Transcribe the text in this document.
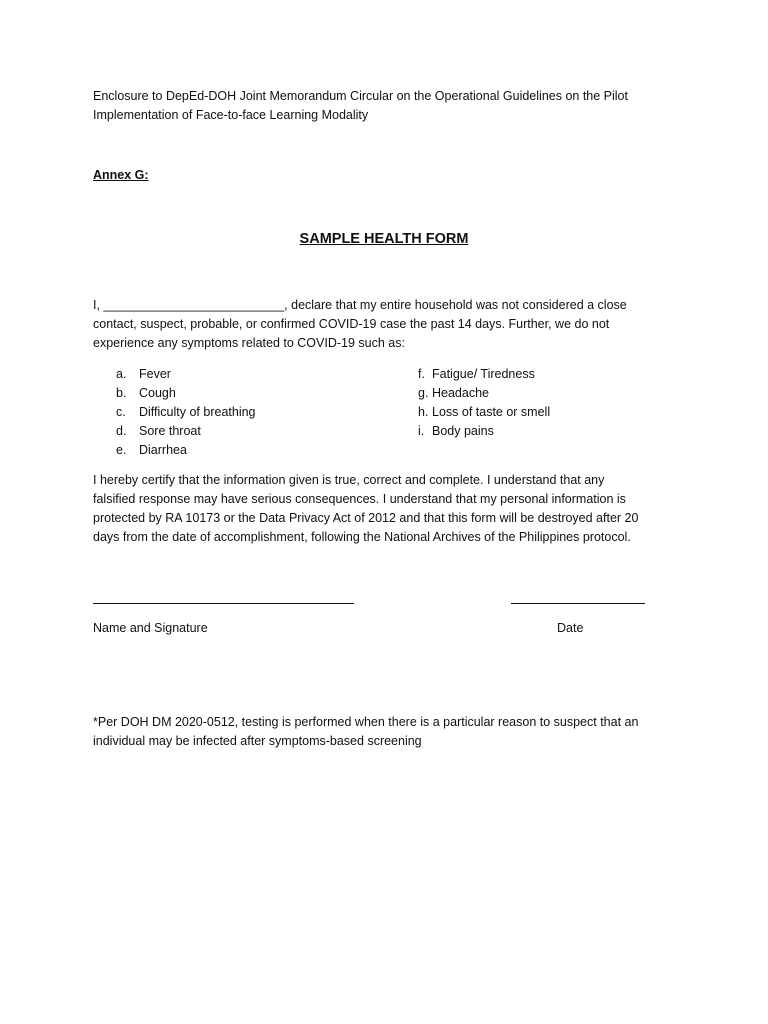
Enclosure to DepEd-DOH Joint Memorandum Circular on the Operational Guidelines on the Pilot
Implementation of Face-to-face Learning Modality
Annex G:
SAMPLE HEALTH FORM
I, __________________________, declare that my entire household was not considered a close
contact, suspect, probable, or confirmed COVID-19 case the past 14 days. Further, we do not
experience any symptoms related to COVID-19 such as:
a.	Fever
b.	Cough
c.	Difficulty of breathing
d.	Sore throat
e.	Diarrhea
f. Fatigue/ Tiredness
g. Headache
h. Loss of taste or smell
i. Body pains
I hereby certify that the information given is true, correct and complete. I understand that any
falsified response may have serious consequences. I understand that my personal information is
protected by RA 10173 or the Data Privacy Act of 2012 and that this form will be destroyed after 20
days from the date of accomplishment, following the National Archives of the Philippines protocol.
Name and Signature	Date
*Per DOH DM 2020-0512, testing is performed when there is a particular reason to suspect that an
individual may be infected after symptoms-based screening
